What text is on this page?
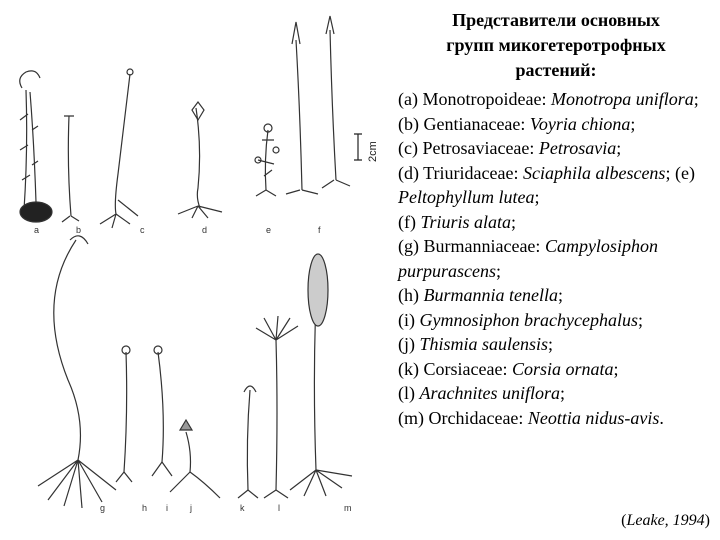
a	b	c	d	e	f
g	h i j	k	l	m
2cm
Представители основных
групп микогетеротрофных
растений:

(a) Monotropoideae: Monotropa uniflora;

(b) Gentianaceae: Voyria chiona;

(c) Petrosaviaceae: Petrosavia;

(d) Triuridaceae: Sciaphila albescens; (e) Peltophyllum lutea;

(f) Triuris alata;

(g) Burmanniaceae: Campylosiphon purpurascens;

(h) Burmannia tenella;

(i) Gymnosiphon brachycephalus;

(j) Thismia saulensis;

(k) Corsiaceae: Corsia ornata;

(l) Arachnites uniflora;

(m) Orchidaceae: Neottia nidus-avis.

(Leake, 1994)
